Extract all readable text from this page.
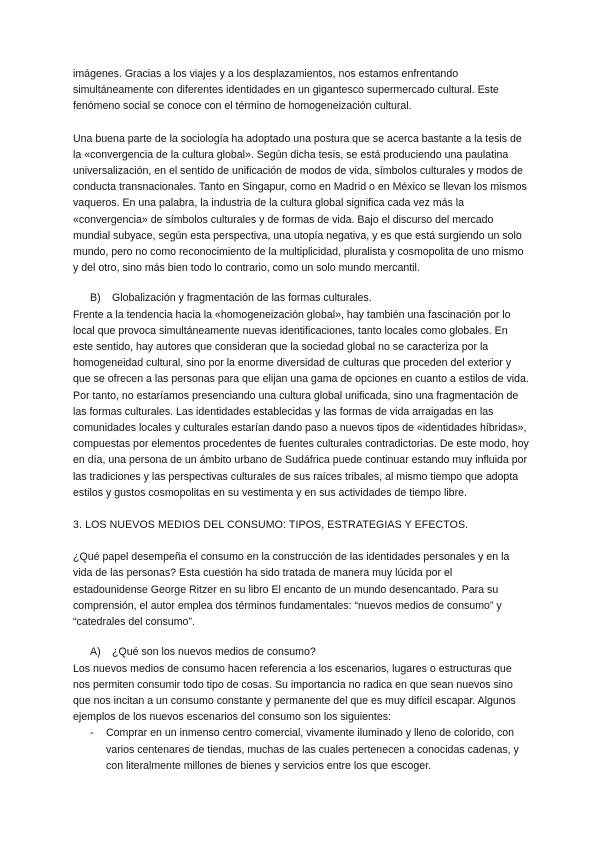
imágenes. Gracias a los viajes y a los desplazamientos, nos estamos enfrentando simultáneamente con diferentes identidades en un gigantesco supermercado cultural. Este fenómeno social se conoce con el término de homogeneización cultural.

Una buena parte de la sociología ha adoptado una postura que se acerca bastante a la tesis de la «convergencia de la cultura global». Según dicha tesis, se está produciendo una paulatina universalización, en el sentido de unificación de modos de vida, símbolos culturales y modos de conducta transnacionales. Tanto en Singapur, como en Madrid o en México se llevan los mismos vaqueros. En una palabra, la industria de la cultura global significa cada vez más la «convergencia» de símbolos culturales y de formas de vida. Bajo el discurso del mercado mundial subyace, según esta perspectiva, una utopía negativa, y es que está surgiendo un solo mundo, pero no como reconocimiento de la multiplicidad, pluralista y cosmopolita de uno mismo y del otro, sino más bien todo lo contrario, como un solo mundo mercantil.

B) Globalización y fragmentación de las formas culturales.

Frente a la tendencia hacia la «homogeneización global», hay también una fascinación por lo local que provoca simultáneamente nuevas identificaciones, tanto locales como globales. En este sentido, hay autores que consideran que la sociedad global no se caracteriza por la homogeneidad cultural, sino por la enorme diversidad de culturas que proceden del exterior y que se ofrecen a las personas para que elijan una gama de opciones en cuanto a estilos de vida. Por tanto, no estaríamos presenciando una cultura global unificada, sino una fragmentación de las formas culturales. Las identidades establecidas y las formas de vida arraigadas en las comunidades locales y culturales estarían dando paso a nuevos tipos de «identidades híbridas», compuestas por elementos procedentes de fuentes culturales contradictorias. De este modo, hoy en día, una persona de un ámbito urbano de Sudáfrica puede continuar estando muy influida por las tradiciones y las perspectivas culturales de sus raíces tribales, al mismo tiempo que adopta estilos y gustos cosmopolitas en su vestimenta y en sus actividades de tiempo libre.

3. LOS NUEVOS MEDIOS DEL CONSUMO: TIPOS, ESTRATEGIAS Y EFECTOS.

¿Qué papel desempeña el consumo en la construcción de las identidades personales y en la vida de las personas? Esta cuestión ha sido tratada de manera muy lúcida por el estadounidense George Ritzer en su libro El encanto de un mundo desencantado. Para su comprensión, el autor emplea dos términos fundamentales: “nuevos medios de consumo” y “catedrales del consumo”.

A) ¿Qué son los nuevos medios de consumo?

Los nuevos medios de consumo hacen referencia a los escenarios, lugares o estructuras que nos permiten consumir todo tipo de cosas. Su importancia no radica en que sean nuevos sino que nos incitan a un consumo constante y permanente del que es muy difícil escapar. Algunos ejemplos de los nuevos escenarios del consumo son los siguientes:

- Comprar en un inmenso centro comercial, vivamente iluminado y lleno de colorido, con varios centenares de tiendas, muchas de las cuales pertenecen a conocidas cadenas, y con literalmente millones de bienes y servicios entre los que escoger.
